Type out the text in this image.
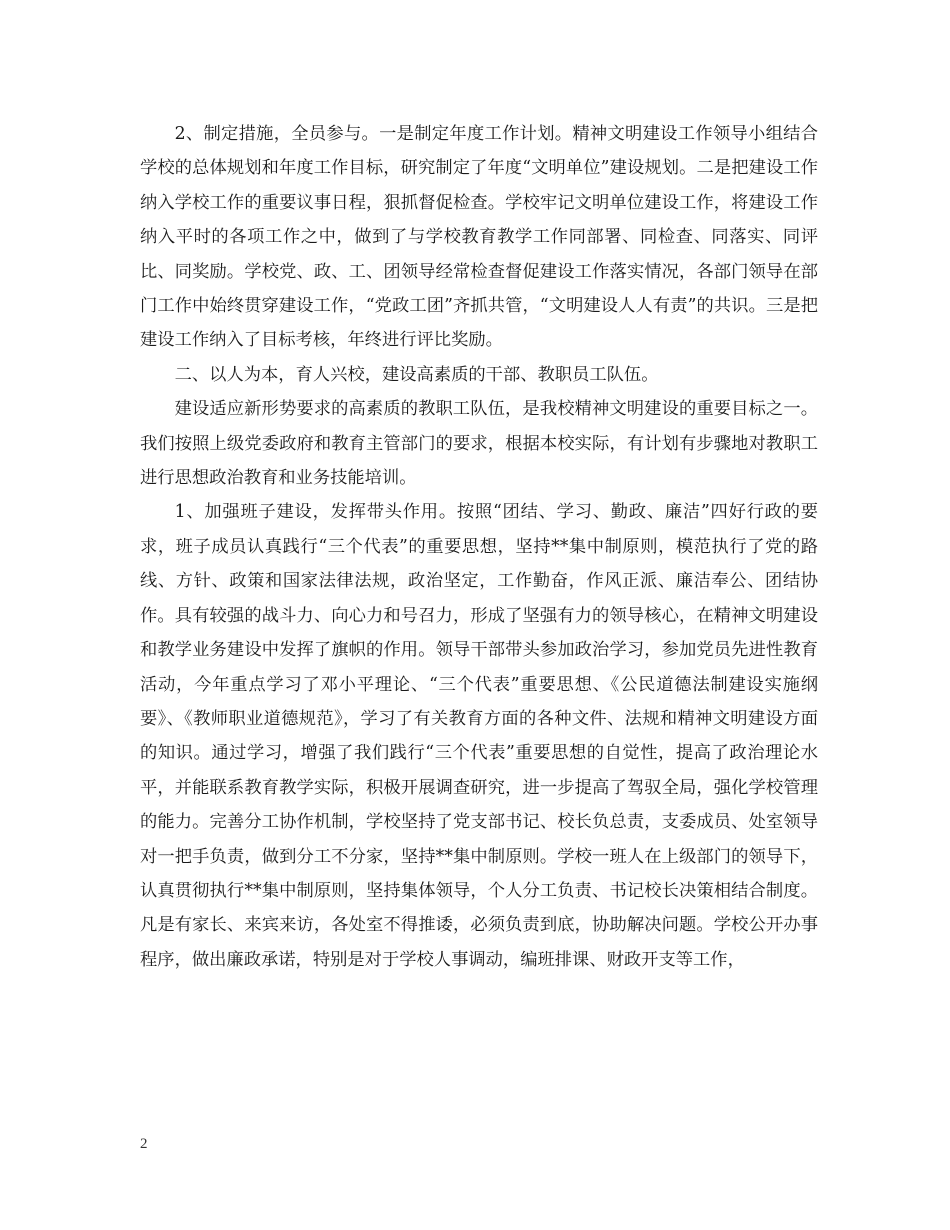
2、制定措施，全员参与。一是制定年度工作计划。精神文明建设工作领导小组结合学校的总体规划和年度工作目标，研究制定了年度“文明单位”建设规划。二是把建设工作纳入学校工作的重要议事日程，狠抓督促检查。学校牢记文明单位建设工作，将建设工作纳入平时的各项工作之中，做到了与学校教育教学工作同部署、同检查、同落实、同评比、同奖励。学校党、政、工、团领导经常检查督促建设工作落实情况，各部门领导在部门工作中始终贯穿建设工作，“党政工团”齐抓共管，“文明建设人人有责”的共识。三是把建设工作纳入了目标考核，年终进行评比奖励。

二、以人为本，育人兴校，建设高素质的干部、教职员工队伍。

建设适应新形势要求的高素质的教职工队伍，是我校精神文明建设的重要目标之一。我们按照上级党委政府和教育主管部门的要求，根据本校实际，有计划有步骤地对教职工进行思想政治教育和业务技能培训。

1、加强班子建设，发挥带头作用。按照“团结、学习、勤政、廉洁”四好行政的要求，班子成员认真践行“三个代表”的重要思想，坚持**集中制原则，模范执行了党的路线、方针、政策和国家法律法规，政治坚定，工作勤奋，作风正派、廉洁奉公、团结协作。具有较强的战斗力、向心力和号召力，形成了坚强有力的领导核心，在精神文明建设和教学业务建设中发挥了旗帜的作用。领导干部带头参加政治学习，参加党员先进性教育活动，今年重点学习了邓小平理论、“三个代表”重要思想、《公民道德法制建设实施纲要》、《教师职业道德规范》，学习了有关教育方面的各种文件、法规和精神文明建设方面的知识。通过学习，增强了我们践行“三个代表”重要思想的自觉性，提高了政治理论水平，并能联系教育教学实际，积极开展调查研究，进一步提高了驾驭全局，强化学校管理的能力。完善分工协作机制，学校坚持了党支部书记、校长负总责，支委成员、处室领导对一把手负责，做到分工不分家，坚持**集中制原则。学校一班人在上级部门的领导下，认真贯彻执行**集中制原则，坚持集体领导，个人分工负责、书记校长决策相结合制度。凡是有家长、来宾来访，各处室不得推诿，必须负责到底，协助解决问题。学校公开办事程序，做出廉政承诺，特别是对于学校人事调动，编班排课、财政开支等工作，

2
